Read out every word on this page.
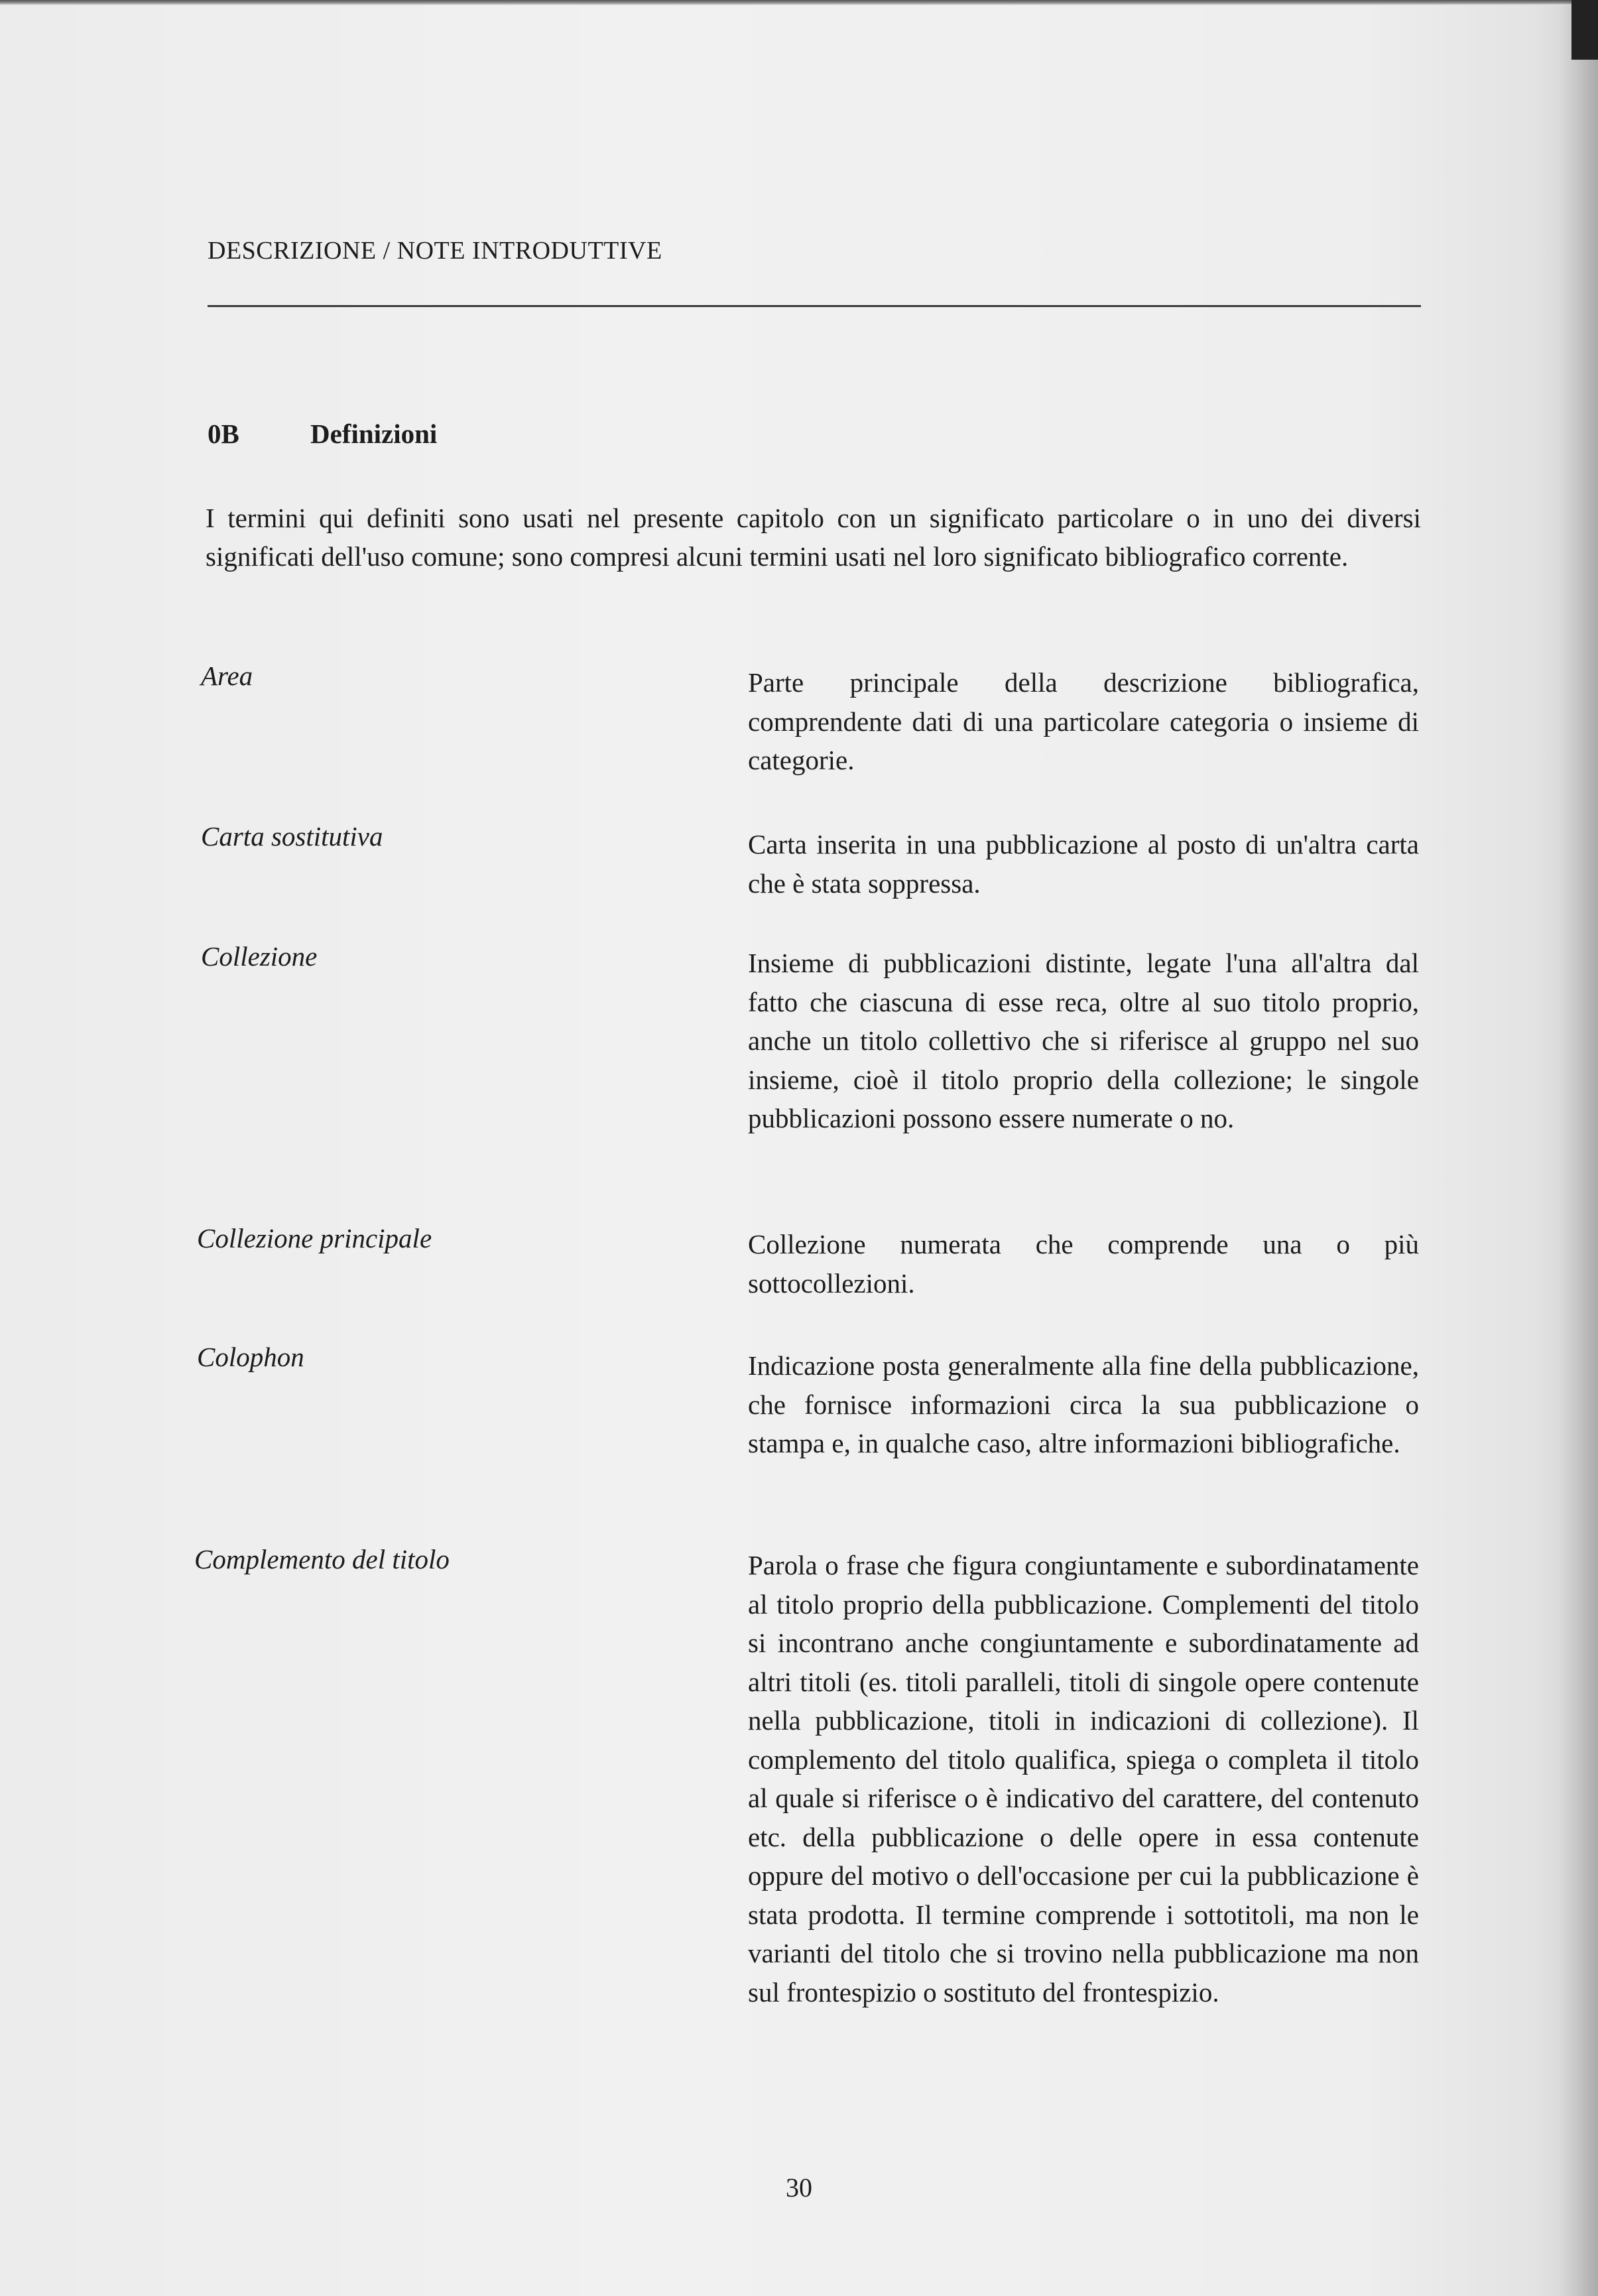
DESCRIZIONE / NOTE INTRODUTTIVE
0B	Definizioni
I termini qui definiti sono usati nel presente capitolo con un significato particolare o in uno dei diversi significati dell'uso comune; sono compresi alcuni termini usati nel loro significato bibliografico corrente.
Area	Parte principale della descrizione bibliografica, comprendente dati di una particolare categoria o insieme di categorie.
Carta sostitutiva	Carta inserita in una pubblicazione al posto di un'altra carta che è stata soppressa.
Collezione	Insieme di pubblicazioni distinte, legate l'una all'altra dal fatto che ciascuna di esse reca, oltre al suo titolo proprio, anche un titolo collettivo che si riferisce al gruppo nel suo insieme, cioè il titolo proprio della collezione; le singole pubblicazioni possono essere numerate o no.
Collezione principale	Collezione numerata che comprende una o più sottocollezioni.
Colophon	Indicazione posta generalmente alla fine della pubblicazione, che fornisce informazioni circa la sua pubblicazione o stampa e, in qualche caso, altre informazioni bibliografiche.
Complemento del titolo	Parola o frase che figura congiuntamente e subordinatamente al titolo proprio della pubblicazione. Complementi del titolo si incontrano anche congiuntamente e subordinatamente ad altri titoli (es. titoli paralleli, titoli di singole opere contenute nella pubblicazione, titoli in indicazioni di collezione). Il complemento del titolo qualifica, spiega o completa il titolo al quale si riferisce o è indicativo del carattere, del contenuto etc. della pubblicazione o delle opere in essa contenute oppure del motivo o dell'occasione per cui la pubblicazione è stata prodotta. Il termine comprende i sottotitoli, ma non le varianti del titolo che si trovino nella pubblicazione ma non sul frontespizio o sostituto del frontespizio.
30
